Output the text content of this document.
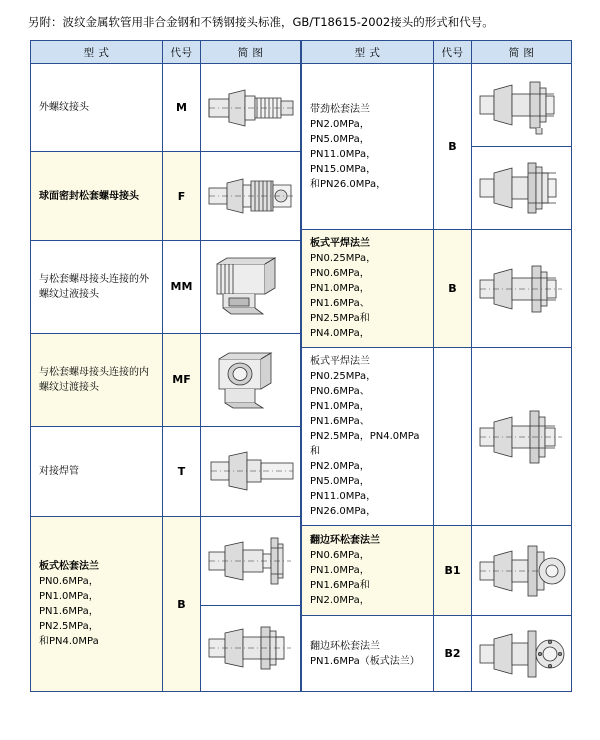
另附：波纹金属软管用非合金钢和不锈钢接头标准，GB/T18615-2002接头的形式和代号。
型 式	代号	简 图
外螺纹接头	M	

球面密封松套螺母接头	F	

与松套螺母接头连接的外螺纹过液接头	MM	

与松套螺母接头连接的内螺纹过渡接头	MF	

对接焊管	T	

板式松套法兰
PN0.6MPa，PN1.0MPa，
PN1.6MPa，PN2.5MPa，
和PN4.0MPa	B	

型 式	代号	简 图

带劲松套法兰
PN2.0MPa，PN5.0MPa，
PN11.0MPa，PN15.0MPa，
和PN26.0MPa，	B	

板式平焊法兰
PN0.25MPa，PN0.6MPa，
PN1.0MPa，PN1.6MPa、
PN2.5MPa和PN4.0MPa，	B	

板式平焊法兰
PN0.25MPa，PN0.6MPa、
PN1.0MPa，PN1.6MPa、
PN2.5MPa，PN4.0MPa 和
PN2.0MPa，PN5.0MPa，
PN11.0MPa，PN26.0MPa，

翻边环松套法兰
PN0.6MPa，PN1.0MPa，
PN1.6MPa和PN2.0MPa，	B1	

翻边环松套法兰
PN1.6MPa（板式法兰）	B2	
